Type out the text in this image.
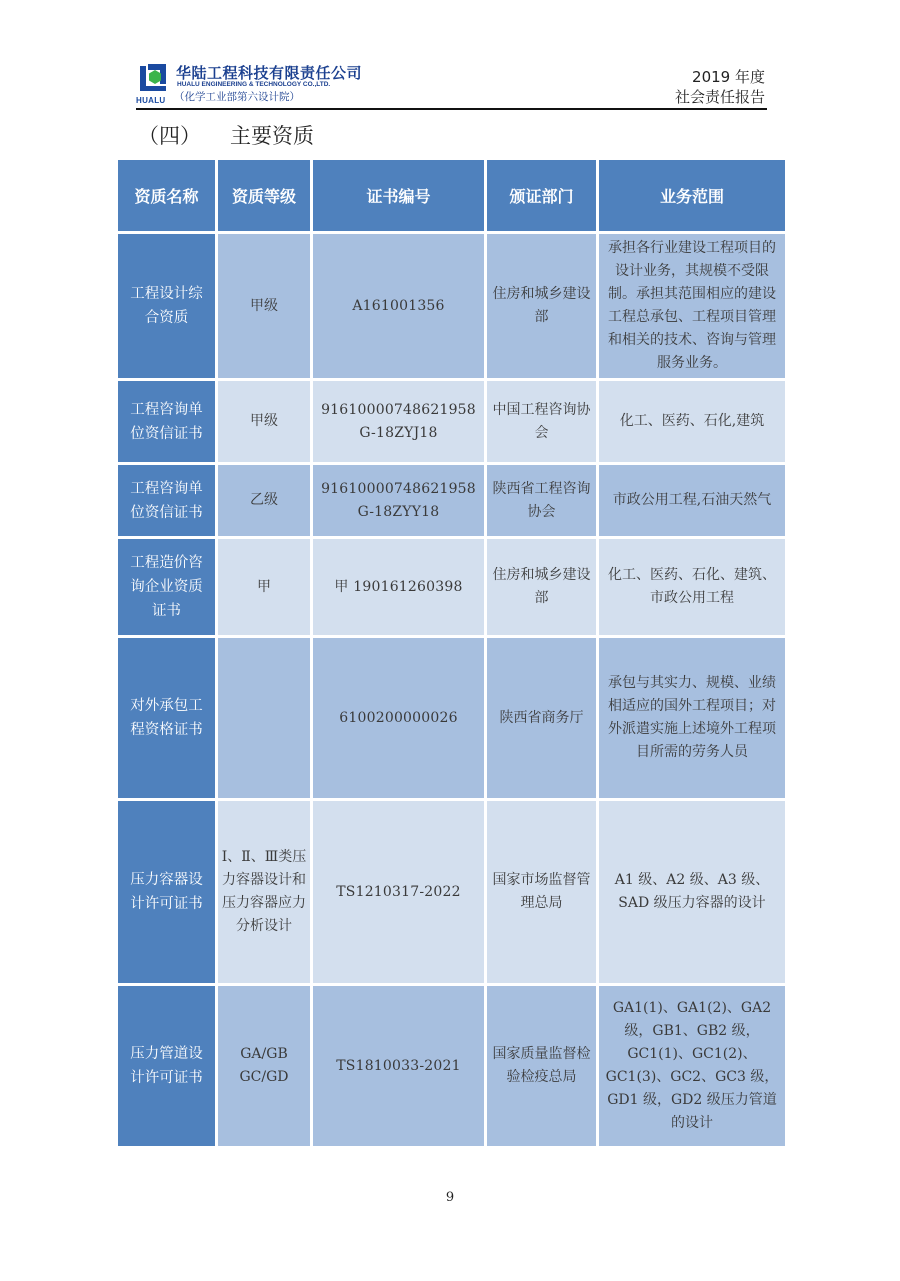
HUALU
华陆工程科技有限责任公司
HUALU ENGINEERING & TECHNOLOGY CO.,LTD.
（化学工业部第六设计院）
2019 年度
社会责任报告
（四） 主要资质
资质名称	资质等级	证书编号	颁证部门	业务范围
工程设计综合资质	甲级	A161001356	住房和城乡建设部	承担各行业建设工程项目的设计业务，其规模不受限制。承担其范围相应的建设工程总承包、工程项目管理和相关的技术、咨询与管理服务业务。
工程咨询单位资信证书	甲级	91610000748621958G-18ZYJ18	中国工程咨询协会	化工、医药、石化,建筑
工程咨询单位资信证书	乙级	91610000748621958G-18ZYY18	陕西省工程咨询协会	市政公用工程,石油天然气
工程造价咨询企业资质证书	甲	甲 190161260398	住房和城乡建设部	化工、医药、石化、建筑、市政公用工程
对外承包工程资格证书		6100200000026	陕西省商务厅	承包与其实力、规模、业绩相适应的国外工程项目；对外派遣实施上述境外工程项目所需的劳务人员
压力容器设计许可证书	Ⅰ、Ⅱ、Ⅲ类压力容器设计和压力容器应力分析设计	TS1210317-2022	国家市场监督管理总局	A1 级、A2 级、A3 级、SAD 级压力容器的设计
压力管道设计许可证书	GA/GB GC/GD	TS1810033-2021	国家质量监督检验检疫总局	GA1(1)、GA1(2)、GA2 级，GB1、GB2 级，GC1(1)、GC1(2)、GC1(3)、GC2、GC3 级，GD1 级，GD2 级压力管道的设计
9
